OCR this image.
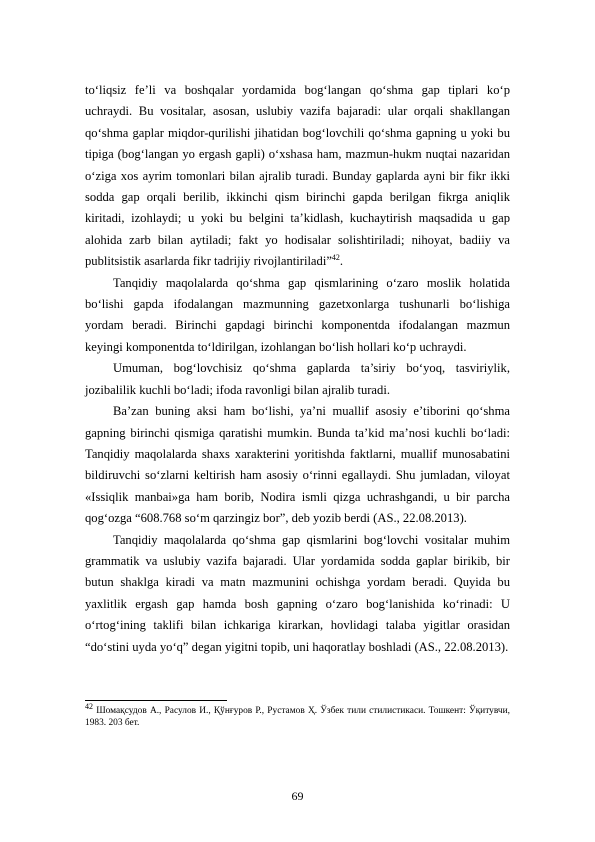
to‘liqsiz fe’li va boshqalar yordamida bog‘langan qo‘shma gap tiplari ko‘p uchraydi. Bu vositalar, asosan, uslubiy vazifa bajaradi: ular orqali shakllangan qo‘shma gaplar miqdor-qurilishi jihatidan bog‘lovchili qo‘shma gapning u yoki bu tipiga (bog‘langan yo ergash gapli) o‘xshasa ham, mazmun-hukm nuqtai nazaridan o‘ziga xos ayrim tomonlari bilan ajralib turadi. Bunday gaplarda ayni bir fikr ikki sodda gap orqali berilib, ikkinchi qism birinchi gapda berilgan fikrga aniqlik kiritadi, izohlaydi; u yoki bu belgini ta’kidlash, kuchaytirish maqsadida u gap alohida zarb bilan aytiladi; fakt yo hodisalar solishtiriladi; nihoyat, badiiy va publitsistik asarlarda fikr tadrijiy rivojlantiriladi”$^{42}$.

Tanqidiy maqolalarda qo‘shma gap qismlarining o‘zaro moslik holatida bo‘lishi gapda ifodalangan mazmunning gazetxonlarga tushunarli bo‘lishiga yordam beradi. Birinchi gapdagi birinchi komponentda ifodalangan mazmun keyingi komponentda to‘ldirilgan, izohlangan bo‘lish hollari ko‘p uchraydi.

Umuman, bog‘lovchisiz qo‘shma gaplarda ta’siriy bo‘yoq, tasviriylik, jozibalilik kuchli bo‘ladi; ifoda ravonligi bilan ajralib turadi.

Ba’zan buning aksi ham bo‘lishi, ya’ni muallif asosiy e’tiborini qo‘shma gapning birinchi qismiga qaratishi mumkin. Bunda ta’kid ma’nosi kuchli bo‘ladi: Tanqidiy maqolalarda shaxs xarakterini yoritishda faktlarni, muallif munosabatini bildiruvchi so‘zlarni keltirish ham asosiy o‘rinni egallaydi. Shu jumladan, viloyat «Issiqlik manbai»ga ham borib, Nodira ismli qizga uchrashgandi, u bir parcha qog‘ozga “608.768 so‘m qarzingiz bor”, deb yozib berdi (AS., 22.08.2013).

Tanqidiy maqolalarda qo‘shma gap qismlarini bog‘lovchi vositalar muhim grammatik va uslubiy vazifa bajaradi. Ular yordamida sodda gaplar birikib, bir butun shaklga kiradi va matn mazmunini ochishga yordam beradi. Quyida bu yaxlitlik ergash gap hamda bosh gapning o‘zaro bog‘lanishida ko‘rinadi: U o‘rtog‘ining taklifi bilan ichkariga kirarkan, hovlidagi talaba yigitlar orasidan “do‘stini uyda yo‘q” degan yigitni topib, uni haqoratlay boshladi (AS., 22.08.2013).

$^{42}$ Шомақсудов А., Расулов И., Қўнғуров Р., Рустамов Ҳ. Ўзбек тили стилистикаси. Тошкент: Ўқитувчи, 1983. 203 бет.
69
